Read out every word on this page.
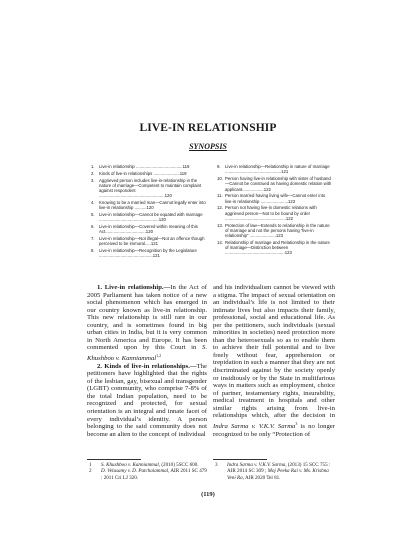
LIVE-IN RELATIONSHIP
SYNOPSIS
1.	Live-in relationship .......................................119
2.	Kinds of live-in relationships ......................119
3.	Aggrieved person includes live-in-relationship in the nature of marriage—Competent to maintain complaint against respondent .......................................................120
4.	Knowing to be a married man—Cannot legally enter into live-in relationship ..........120
5.	Live-in relationship—Cannot be equated with marriage ..................................................120
6.	Live-in relationship—Covered within meaning of this Act..................................120
7.	Live-in relationship—Not illegal—Not an offence though perceived to be immoral.....121
8.	Live-in relationship—Recognition by the Legislature .............................................121
9.	Live-in relationship—Relationship in nature of marriage ...............................................121
10. Person having live-in relationship with sister of husband—Cannot be construed as having domestic relation with applicant..................122
11. Person married having living wife—Cannot enter into live-in relationship .......................122
12. Person not having live-in domestic relations with aggrieved person—Not to be bound by order ...................................................122
13. Protection of law—Extends to relationship in the nature of marriage and not the persons having “live-in relationship” ......................123
14. Relationship of marriage and Relationship in the nature of marriage—Distinction between ..................................................123

1. Live-in relationship.—In the Act of 2005 Parliament has taken notice of a new social phenomenon which has emerged in our country known as live-in relationship. This new relationship is still rare in our country, and is sometimes found in big urban cities in India, but it is very common in North America and Europe. It has been commented upon by this Court in S. Khushboo v. Kanniammal$^{1,2}$

2. Kinds of live-in relationships.—The petitioners have highlighted that the rights of the lesbian, gay, bisexual and transgender (LGBT) community, who comprise 7-8% of the total Indian population, need to be recognized and protected, for sexual orientation is an integral and innate facet of every individual’s identity. A person belonging to the said community does not become an alien to the concept of individual

and his individualism cannot be viewed with a stigma. The impact of sexual orientation on an individual’s life is not limited to their intimate lives but also impacts their family, professional, social and educational life. As per the petitioners, such individuals (sexual minorities in societies) need protection more than the heterosexuals so as to enable them to achieve their full potential and to live freely without fear, apprehension or trepidation in such a manner that they are not discriminated against by the society openly or insidiously or by the State in multifarious ways in matters such as employment, choice of partner, testamentary rights, insurability, medical treatment in hospitals and other similar rights arising from live-in relationships which, after the decision in Indra Sarma v. V.K.V. Sarma$^3$ is no longer recognized to be only “Protection of

1	S. Khushboo v. Kanniammal, (2010) 5SCC 600.
2	D. Velusamy v. D. Patchaiammal, AIR 2011 SC 479 : 2011 Cri LJ 320.
3	Indra Sarma v. V.K.V. Sarma, (2013) 15 SCC 755 : AIR 2014 SC 309 ; Moj Peeka Rai v. Ms. Krishna Veni Ra, AIR 2020 Tel 81.
(119)
